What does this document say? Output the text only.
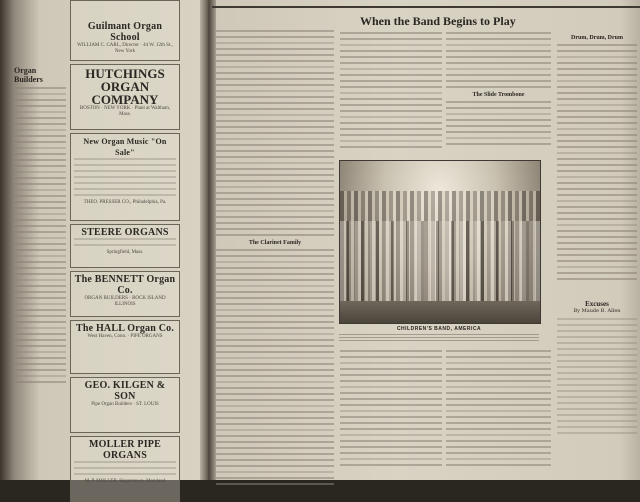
Organ Builders
Guilmant Organ School
WILLIAM C. CARL, Director · 44 W. 12th St., New York
HUTCHINGS ORGAN COMPANY
BOSTON · NEW YORK · Plant at Waltham, Mass.
New Organ Music "On Sale"
THEO. PRESSER CO., Philadelphia, Pa.
STEERE ORGANS
Springfield, Mass.
The BENNETT Organ Co.
ORGAN BUILDERS · ROCK ISLAND ILLINOIS
The HALL Organ Co.
West Haven, Conn. · PIPE ORGANS
GEO. KILGEN & SON
Pipe Organ Builders · ST. LOUIS
MOLLER PIPE ORGANS
M. P. MOLLER, Hagerstown, Maryland
When the Band Begins to Play
The Clarinet Family
The Slide Trombone
CHILDREN'S BAND, AMERICA
Drum, Drum, Drum
Excuses
By Maude B. Allen
